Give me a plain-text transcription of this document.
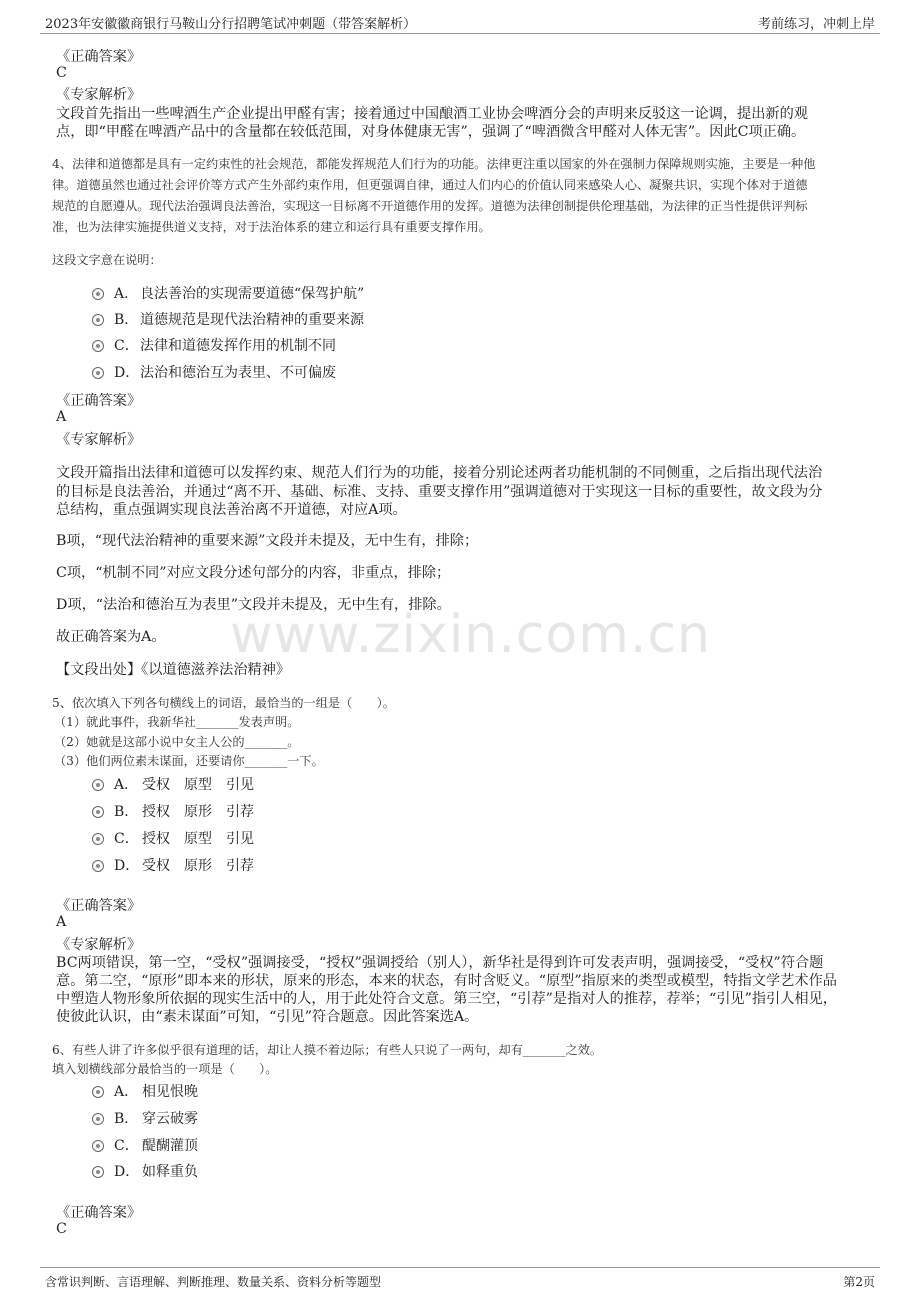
2023年安徽徽商银行马鞍山分行招聘笔试冲刺题（带答案解析）	考前练习，冲刺上岸
www.zixin.com.cn
《正确答案》
C
《专家解析》
文段首先指出一些啤酒生产企业提出甲醛有害；接着通过中国酿酒工业协会啤酒分会的声明来反驳这一论调，提出新的观
点，即“甲醛在啤酒产品中的含量都在较低范围，对身体健康无害”，强调了“啤酒微含甲醛对人体无害”。因此C项正确。
4、法律和道德都是具有一定约束性的社会规范，都能发挥规范人们行为的功能。法律更注重以国家的外在强制力保障规则实施，主要是一种他
律。道德虽然也通过社会评价等方式产生外部约束作用，但更强调自律，通过人们内心的价值认同来感染人心、凝聚共识，实现个体对于道德
规范的自愿遵从。现代法治强调良法善治，实现这一目标离不开道德作用的发挥。道德为法律创制提供伦理基础，为法律的正当性提供评判标
准，也为法律实施提供道义支持，对于法治体系的建立和运行具有重要支撑作用。
这段文字意在说明：
A． 良法善治的实现需要道德“保驾护航”
B． 道德规范是现代法治精神的重要来源
C． 法律和道德发挥作用的机制不同
D． 法治和德治互为表里、不可偏废
《正确答案》
A
《专家解析》
文段开篇指出法律和道德可以发挥约束、规范人们行为的功能，接着分别论述两者功能机制的不同侧重，之后指出现代法治
的目标是良法善治，并通过“离不开、基础、标准、支持、重要支撑作用”强调道德对于实现这一目标的重要性，故文段为分
总结构，重点强调实现良法善治离不开道德，对应A项。
B项，“现代法治精神的重要来源”文段并未提及，无中生有，排除；
C项，“机制不同”对应文段分述句部分的内容，非重点，排除；
D项，“法治和德治互为表里”文段并未提及，无中生有，排除。
故正确答案为A。
【文段出处】《以道德滋养法治精神》
5、依次填入下列各句横线上的词语，最恰当的一组是（　　）。
（1）就此事件，我新华社_______发表声明。
（2）她就是这部小说中女主人公的_______。
（3）他们两位素未谋面，还要请你_______一下。
A． 受权　原型　引见
B． 授权　原形　引荐
C． 授权　原型　引见
D． 受权　原形　引荐
《正确答案》
A
《专家解析》
BC两项错误，第一空，“受权”强调接受，“授权”强调授给（别人），新华社是得到许可发表声明，强调接受，“受权”符合题
意。第二空，“原形”即本来的形状，原来的形态，本来的状态，有时含贬义。“原型”指原来的类型或模型，特指文学艺术作品
中塑造人物形象所依据的现实生活中的人，用于此处符合文意。第三空，“引荐”是指对人的推荐，荐举；“引见”指引人相见，
使彼此认识，由“素未谋面”可知，“引见”符合题意。因此答案选A。
6、有些人讲了许多似乎很有道理的话，却让人摸不着边际；有些人只说了一两句，却有_______之效。
填入划横线部分最恰当的一项是（　　）。
A． 相见恨晚
B． 穿云破雾
C． 醍醐灌顶
D． 如释重负
《正确答案》
C
含常识判断、言语理解、判断推理、数量关系、资料分析等题型	第2页
